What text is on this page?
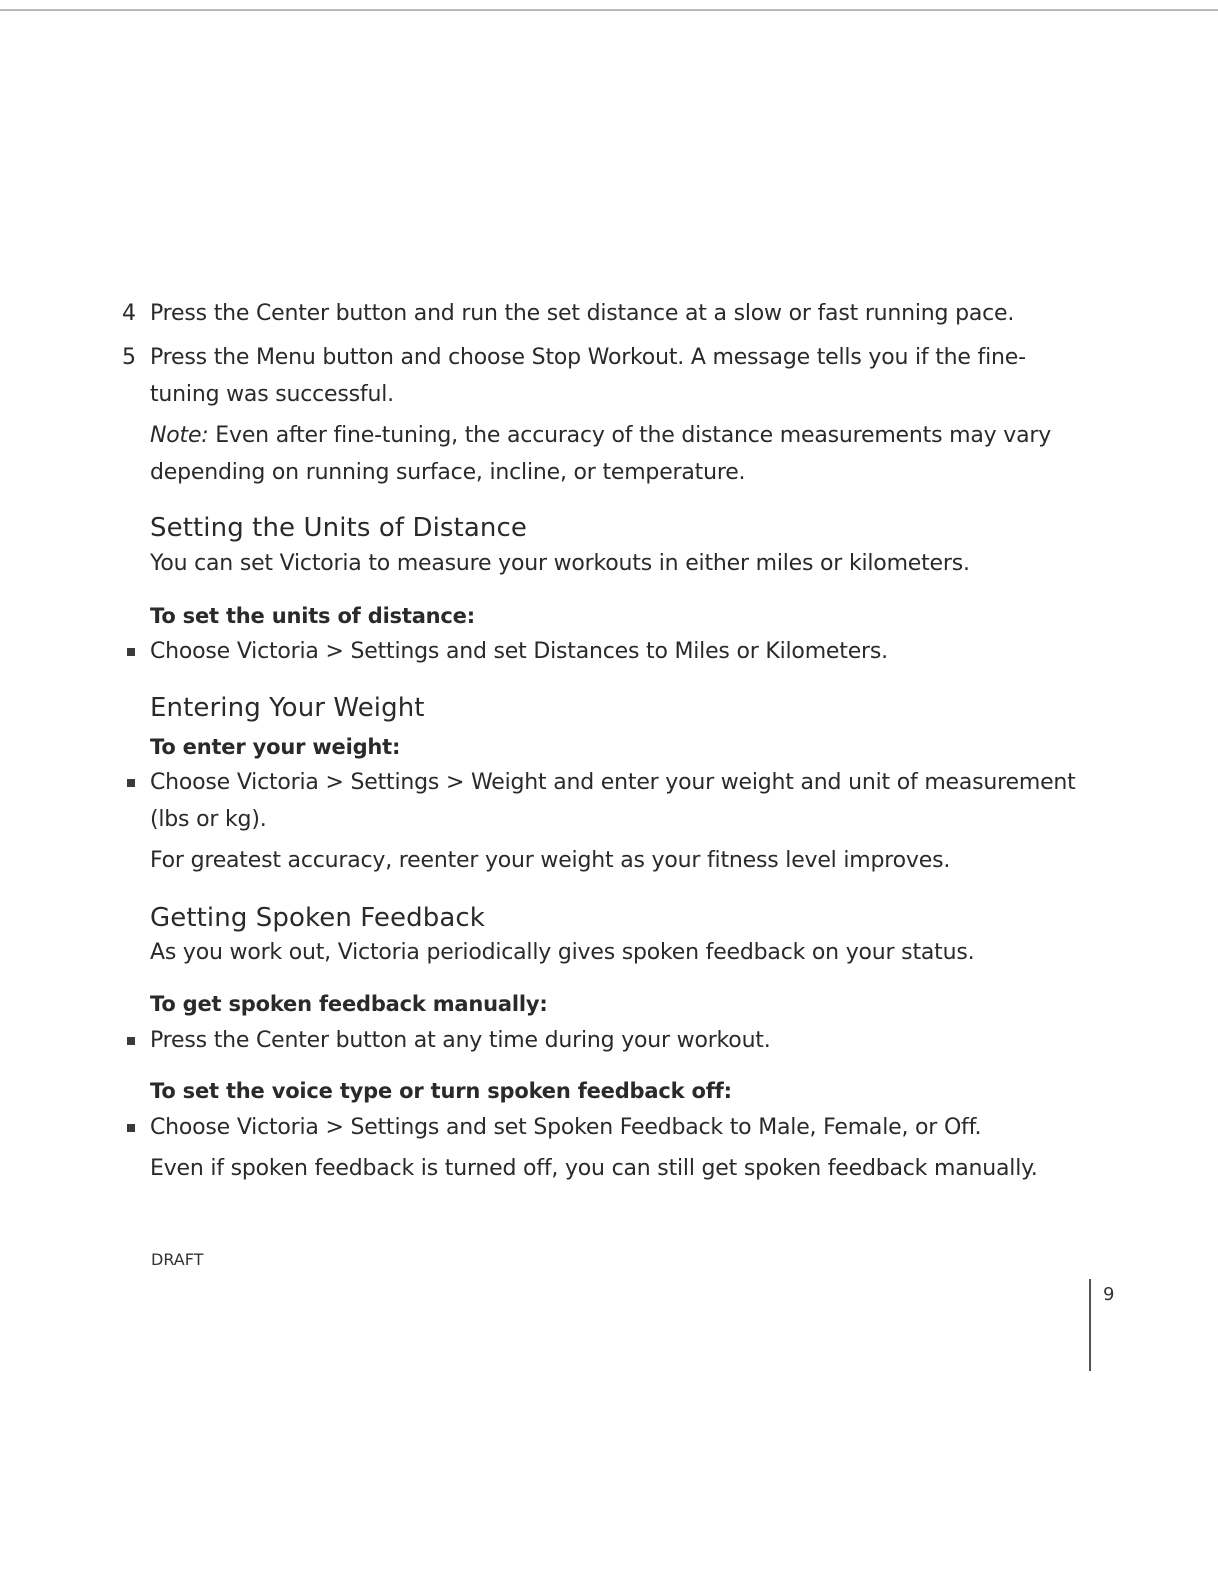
4 Press the Center button and run the set distance at a slow or fast running pace.
5 Press the Menu button and choose Stop Workout. A message tells you if the fine-
tuning was successful.
Note: Even after fine-tuning, the accuracy of the distance measurements may vary
depending on running surface, incline, or temperature.
Setting the Units of Distance
You can set Victoria to measure your workouts in either miles or kilometers.
To set the units of distance:
Choose Victoria > Settings and set Distances to Miles or Kilometers.
Entering Your Weight
To enter your weight:
Choose Victoria > Settings > Weight and enter your weight and unit of measurement
(lbs or kg).
For greatest accuracy, reenter your weight as your fitness level improves.
Getting Spoken Feedback
As you work out, Victoria periodically gives spoken feedback on your status.
To get spoken feedback manually:
Press the Center button at any time during your workout.
To set the voice type or turn spoken feedback off:
Choose Victoria > Settings and set Spoken Feedback to Male, Female, or Off.
Even if spoken feedback is turned off, you can still get spoken feedback manually.
DRAFT
9
